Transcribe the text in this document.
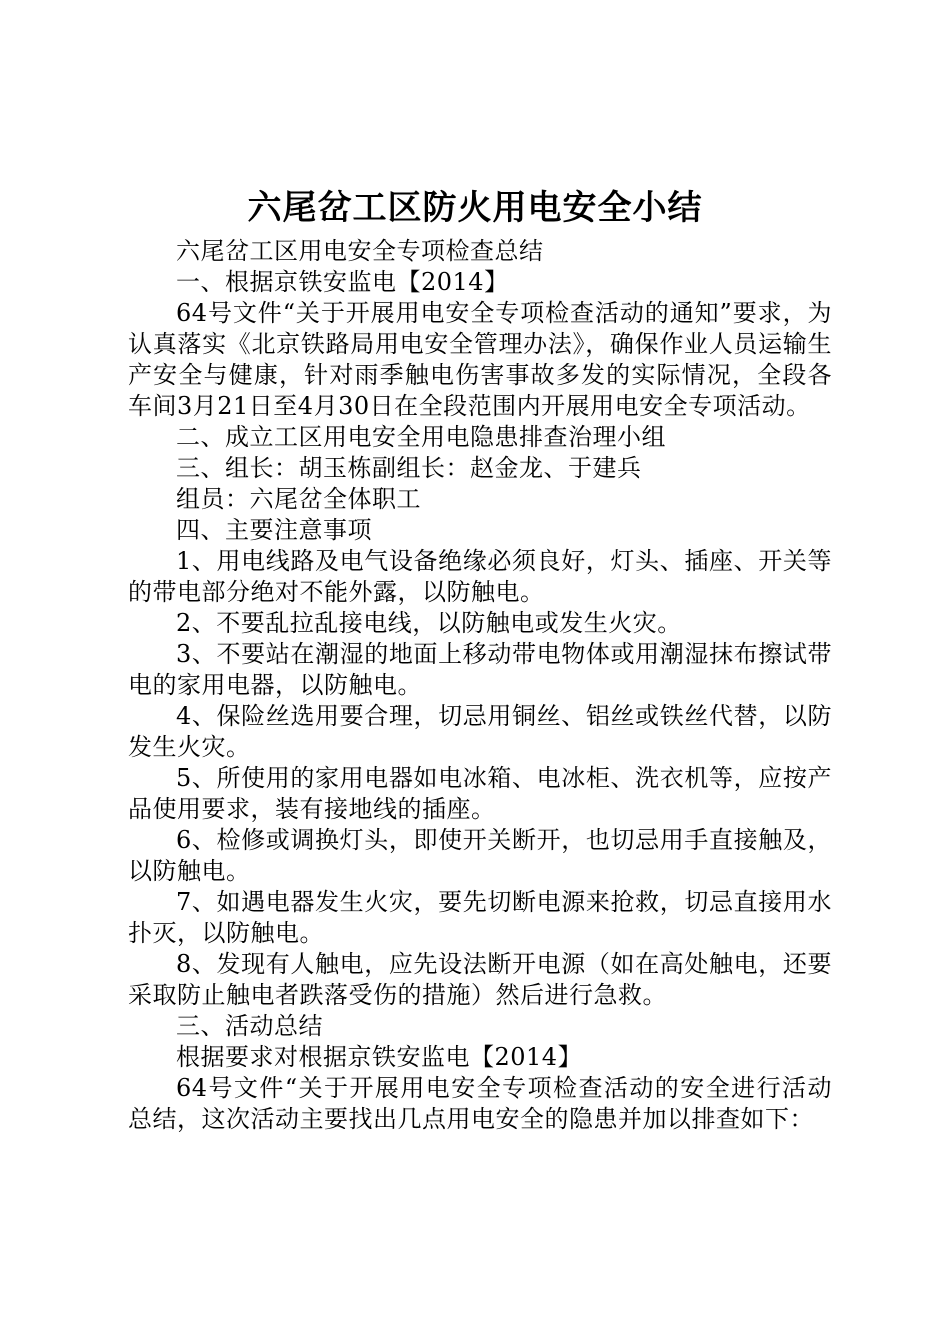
六尾岔工区防火用电安全小结

六尾岔工区用电安全专项检查总结

一、根据京铁安监电【2014】

64号文件“关于开展用电安全专项检查活动的通知”要求，为认真落实《北京铁路局用电安全管理办法》，确保作业人员运输生产安全与健康，针对雨季触电伤害事故多发的实际情况，全段各车间3月21日至4月30日在全段范围内开展用电安全专项活动。

二、成立工区用电安全用电隐患排查治理小组

三、组长：胡玉栋副组长：赵金龙、于建兵

组员：六尾岔全体职工

四、主要注意事项

1、用电线路及电气设备绝缘必须良好，灯头、插座、开关等的带电部分绝对不能外露，以防触电。

2、不要乱拉乱接电线，以防触电或发生火灾。

3、不要站在潮湿的地面上移动带电物体或用潮湿抹布擦试带电的家用电器，以防触电。

4、保险丝选用要合理，切忌用铜丝、铝丝或铁丝代替，以防发生火灾。

5、所使用的家用电器如电冰箱、电冰柜、洗衣机等，应按产品使用要求，装有接地线的插座。

6、检修或调换灯头，即使开关断开，也切忌用手直接触及，以防触电。

7、如遇电器发生火灾，要先切断电源来抢救，切忌直接用水扑灭，以防触电。

8、发现有人触电，应先设法断开电源（如在高处触电，还要采取防止触电者跌落受伤的措施）然后进行急救。

三、活动总结

根据要求对根据京铁安监电【2014】

64号文件“关于开展用电安全专项检查活动的安全进行活动总结，这次活动主要找出几点用电安全的隐患并加以排查如下：
